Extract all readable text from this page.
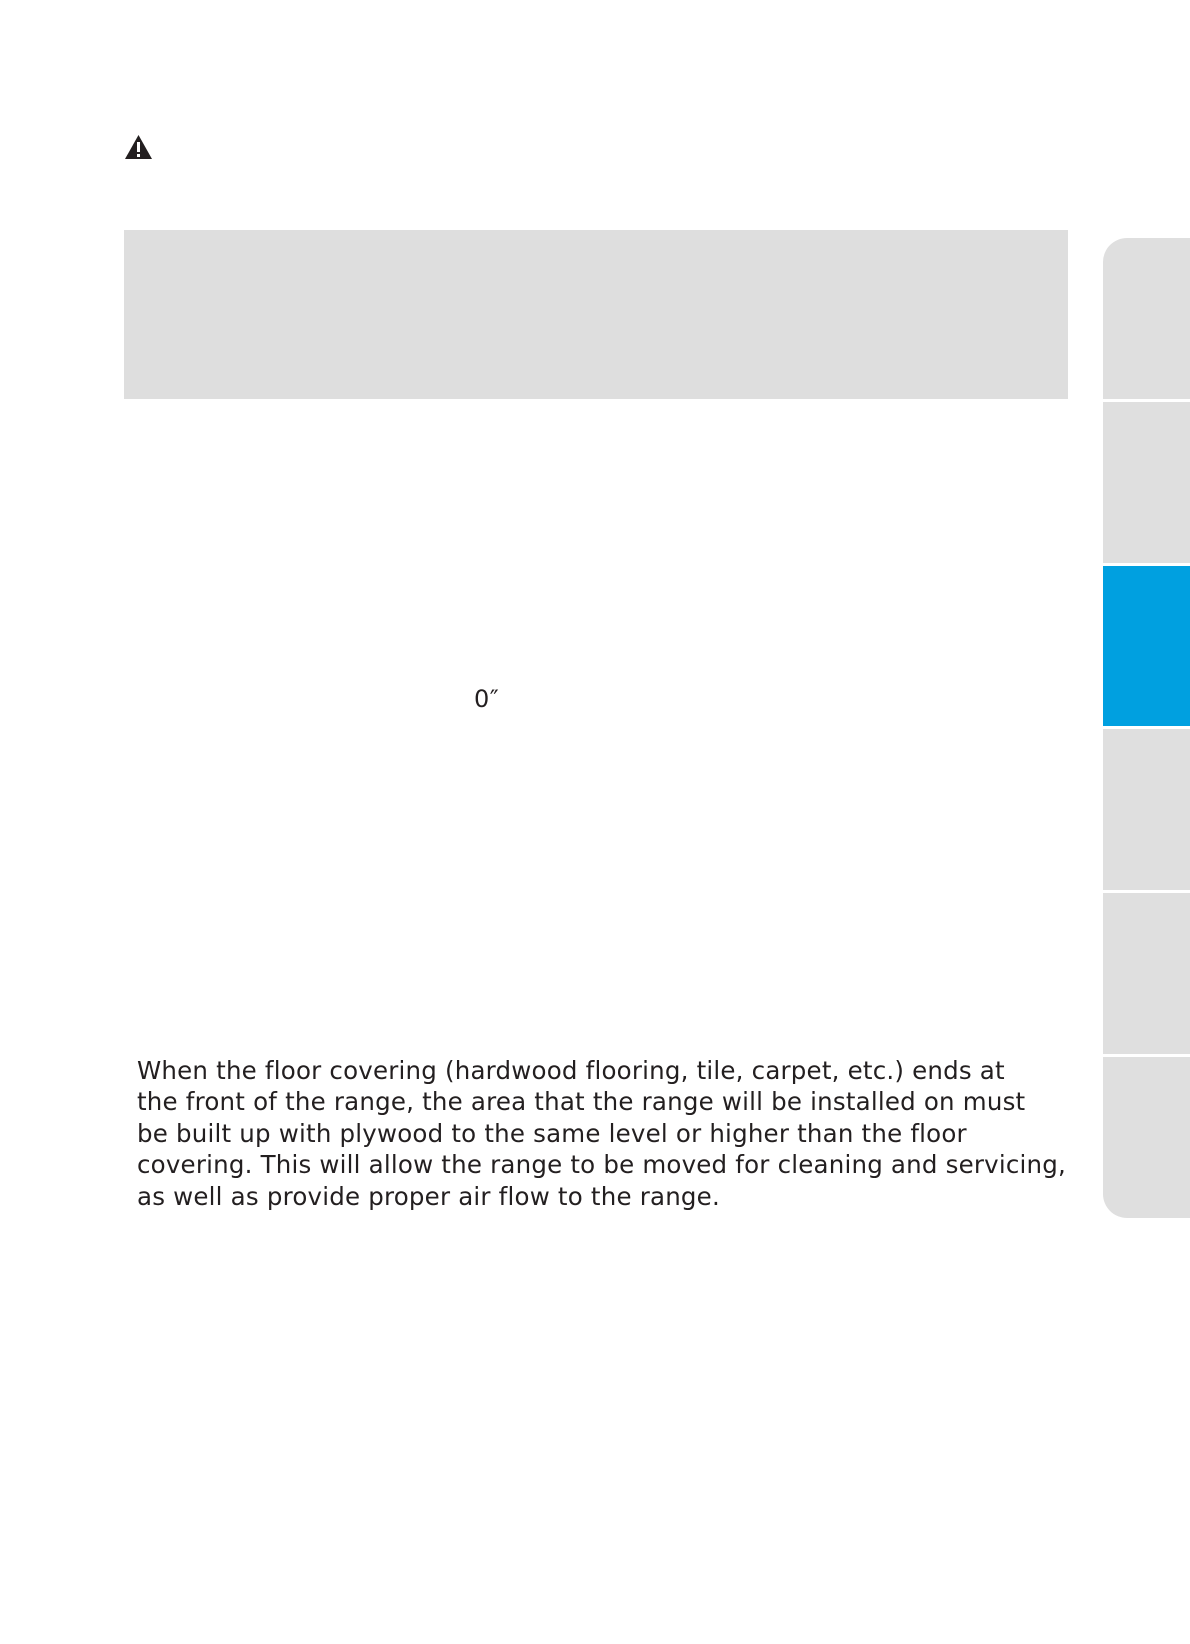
0″

When the floor covering (hardwood flooring, tile, carpet, etc.) ends at
the front of the range, the area that the range will be installed on must
be built up with plywood to the same level or higher than the floor
covering. This will allow the range to be moved for cleaning and servicing,
as well as provide proper air flow to the range.
